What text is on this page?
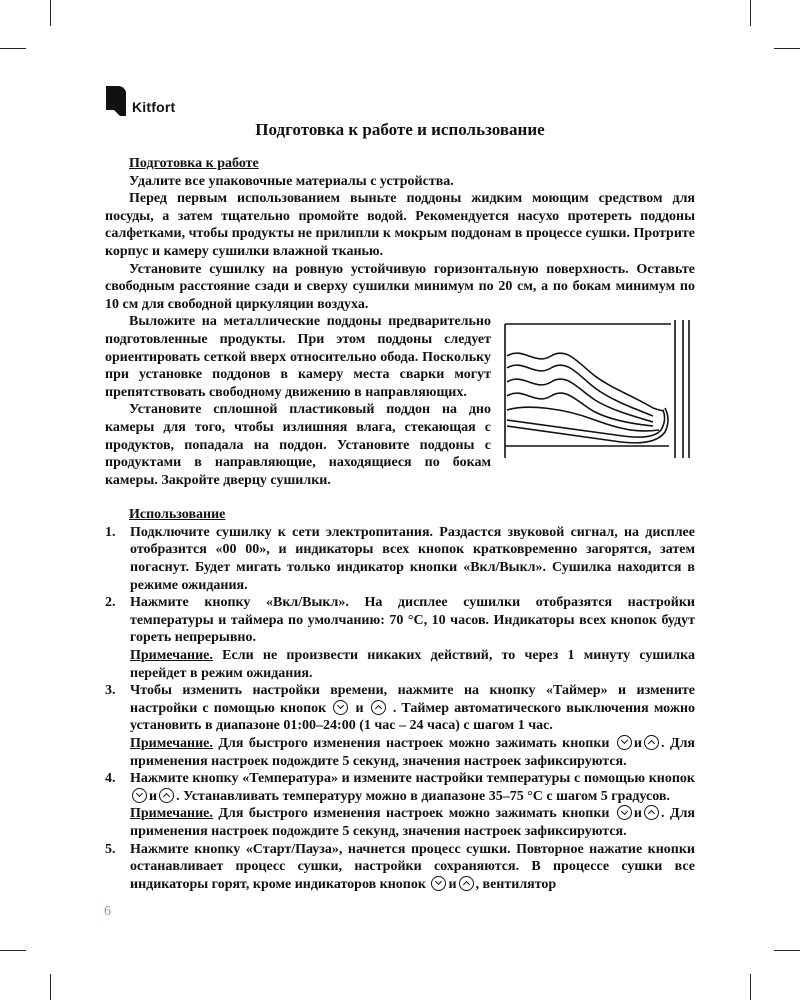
Kitfort
Подготовка к работе и использование

Подготовка к работе

Удалите все упаковочные материалы с устройства.

Перед первым использованием выньте поддоны жидким моющим средством для посуды, а затем тщательно промойте водой. Рекомендуется насухо протереть поддоны салфетками, чтобы продукты не прилипли к мокрым поддонам в процессе сушки. Протрите корпус и камеру сушилки влажной тканью.

Установите сушилку на ровную устойчивую горизонтальную поверхность. Оставьте свободным расстояние сзади и сверху сушилки минимум по 20 см, а по бокам минимум по 10 см для свободной циркуляции воздуха.

Выложите на металлические поддоны предварительно подготовленные продукты. При этом поддоны следует ориентировать сеткой вверх относительно обода. Поскольку при установке поддонов в камеру места сварки могут препятствовать свободному движению в направляющих.

Установите сплошной пластиковый поддон на дно камеры для того, чтобы излишняя влага, стекающая с продуктов, попадала на поддон. Установите поддоны с продуктами в направляющие, находящиеся по бокам камеры. Закройте дверцу сушилки.

Использование

1. Подключите сушилку к сети электропитания. Раздастся звуковой сигнал, на дисплее отобразится «00 00», и индикаторы всех кнопок кратковременно загорятся, затем погаснут. Будет мигать только индикатор кнопки «Вкл/Выкл». Сушилка находится в режиме ожидания.

2. Нажмите кнопку «Вкл/Выкл». На дисплее сушилки отобразятся настройки температуры и таймера по умолчанию: 70 °C, 10 часов. Индикаторы всех кнопок будут гореть непрерывно.

Примечание. Если не произвести никаких действий, то через 1 минуту сушилка перейдет в режим ожидания.

3. Чтобы изменить настройки времени, нажмите на кнопку «Таймер» и измените настройки с помощью кнопок и . Таймер автоматического выключения можно установить в диапазоне 01:00–24:00 (1 час – 24 часа) с шагом 1 час.

Примечание. Для быстрого изменения настроек можно зажимать кнопки и . Для применения настроек подождите 5 секунд, значения настроек зафиксируются.

4. Нажмите кнопку «Температура» и измените настройки температуры с помощью кнопок и . Устанавливать температуру можно в диапазоне 35–75 °C с шагом 5 градусов.

Примечание. Для быстрого изменения настроек можно зажимать кнопки и . Для применения настроек подождите 5 секунд, значения настроек зафиксируются.

5. Нажмите кнопку «Старт/Пауза», начнется процесс сушки. Повторное нажатие кнопки останавливает процесс сушки, настройки сохраняются. В процессе сушки все индикаторы горят, кроме индикаторов кнопок и , вентилятор

6
